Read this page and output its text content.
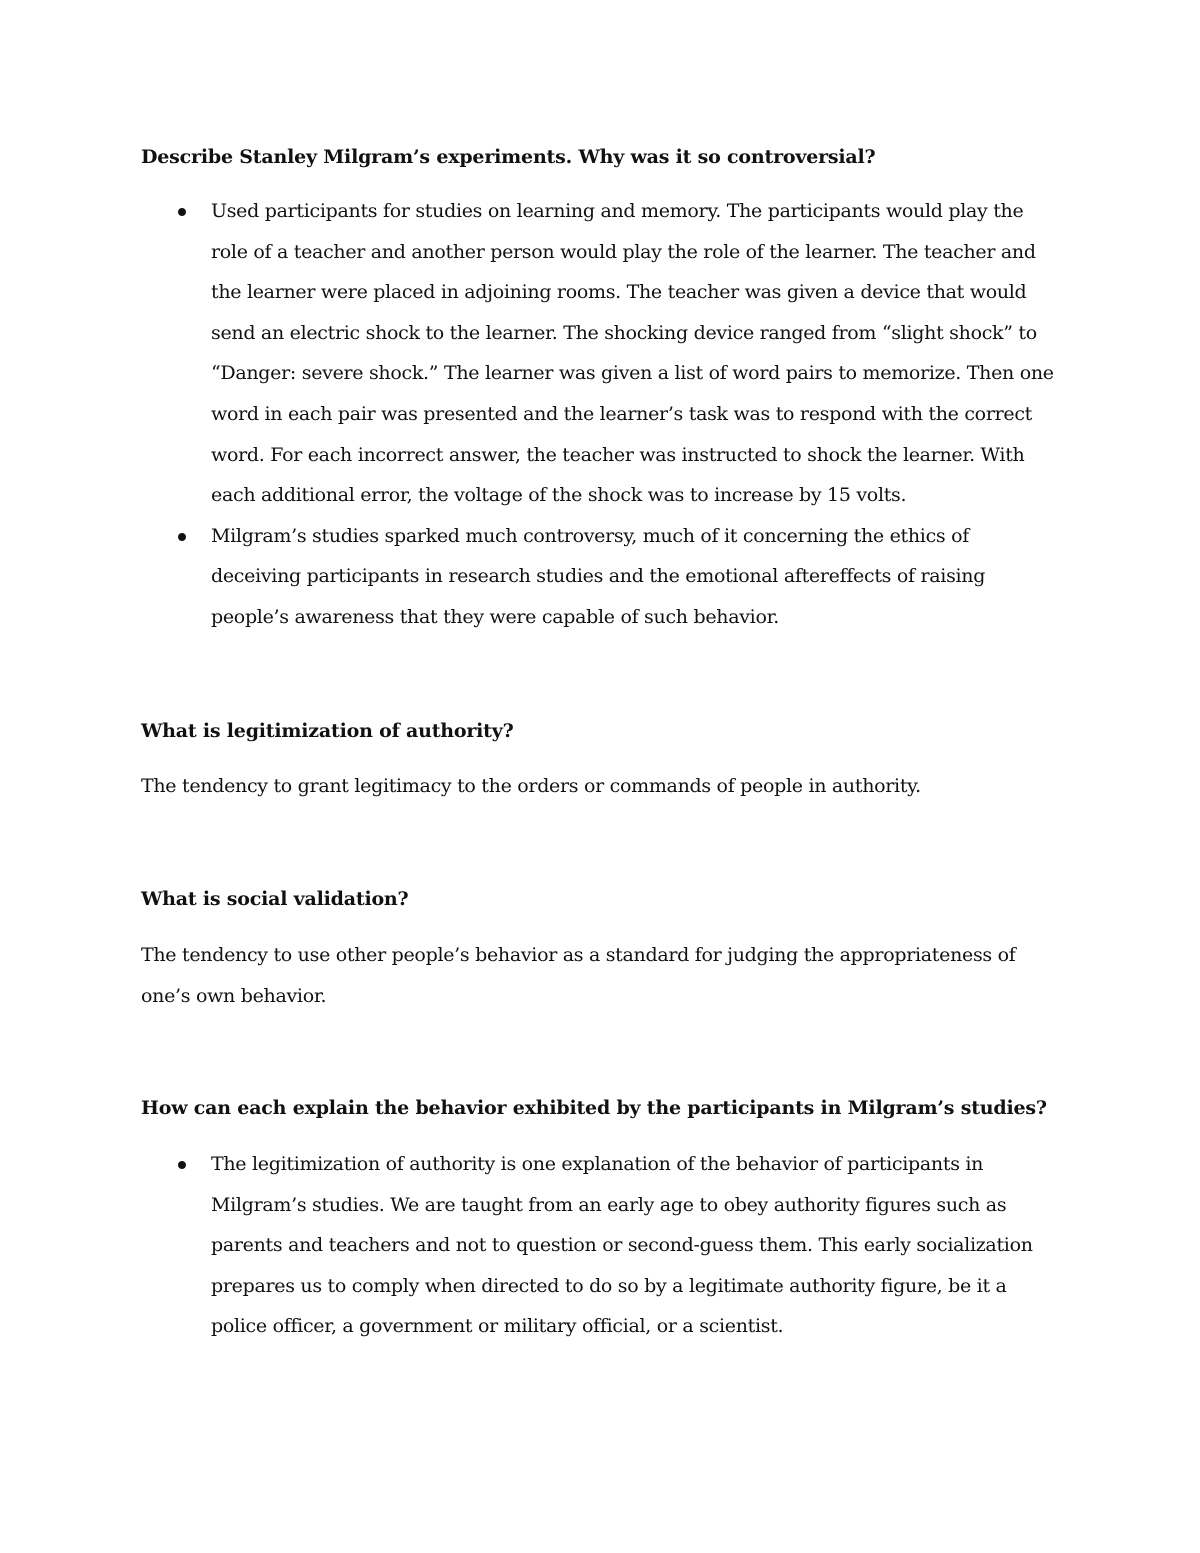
Describe Stanley Milgram’s experiments. Why was it so controversial?

Used participants for studies on learning and memory. The participants would play the role of a teacher and another person would play the role of the learner. The teacher and the learner were placed in adjoining rooms. The teacher was given a device that would send an electric shock to the learner. The shocking device ranged from “slight shock” to “Danger: severe shock.” The learner was given a list of word pairs to memorize. Then one word in each pair was presented and the learner’s task was to respond with the correct word. For each incorrect answer, the teacher was instructed to shock the learner. With each additional error, the voltage of the shock was to increase by 15 volts.
Milgram’s studies sparked much controversy, much of it concerning the ethics of deceiving participants in research studies and the emotional aftereffects of raising people’s awareness that they were capable of such behavior.

What is legitimization of authority?

The tendency to grant legitimacy to the orders or commands of people in authority.

What is social validation?

The tendency to use other people’s behavior as a standard for judging the appropriateness of one’s own behavior.

How can each explain the behavior exhibited by the participants in Milgram’s studies?

The legitimization of authority is one explanation of the behavior of participants in Milgram’s studies. We are taught from an early age to obey authority figures such as parents and teachers and not to question or second-guess them. This early socialization prepares us to comply when directed to do so by a legitimate authority figure, be it a police officer, a government or military official, or a scientist.
